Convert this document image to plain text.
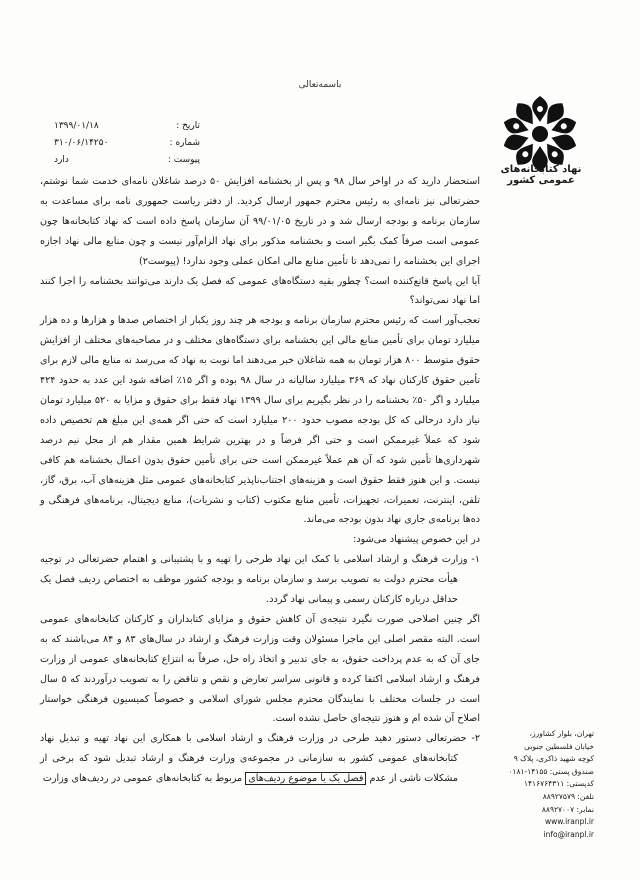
باسمه‌تعالی
تاریخ :
۱۳۹۹/۰۱/۱۸
شماره :
۳۱۰/۰۶/۱۴۲۵۰
پیوست :
دارد
نهاد کتابخانه‌های عمومی کشور

استحضار دارید که در اواخر سال ۹۸ و پس از بخشنامه افزایش ۵۰ درصد شاغلان نامه‌ای خدمت شما نوشتم، حضرتعالی نیز نامه‌ای به رئیس محترم جمهور ارسال کردید. از دفتر ریاست جمهوری نامه برای مساعدت به سازمان برنامه و بودجه ارسال شد و در تاریخ ۹۹/۰۱/۰۵ آن سازمان پاسخ داده است که نهاد کتابخانه‌ها چون عمومی است صرفاً کمک بگیر است و بخشنامه مذکور برای نهاد الزام‌آور نیست و چون منابع مالی نهاد اجازه اجرای این بخشنامه را نمی‌دهد تا تأمین منابع مالی امکان عملی وجود ندارد! (پیوست۲)

آیا این پاسخ قانع‌کننده است؟ چطور بقیه دستگاه‌های عمومی که فصل یک دارند می‌توانند بخشنامه را اجرا کنند اما نهاد نمی‌تواند؟

تعجب‌آور است که رئیس محترم سازمان برنامه و بودجه هر چند روز یکبار از اختصاص صدها و هزارها و ده هزار میلیارد تومان برای تأمین منابع مالی این بخشنامه برای دستگاه‌های مختلف و در مصاحبه‌های مختلف از افزایش حقوق متوسط ۸۰۰ هزار تومان به همه شاغلان خبر می‌دهند اما نوبت به نهاد که می‌رسد نه منابع مالی لازم برای تأمین حقوق کارکنان نهاد که ۳۶۹ میلیارد سالیانه در سال ۹۸ بوده و اگر ۱۵٪ اضافه شود این عدد به حدود ۴۲۴ میلیارد و اگر ۵۰٪ بخشنامه را در نظر بگیریم برای سال ۱۳۹۹ نهاد فقط برای حقوق و مزایا به ۵۲۰ میلیارد تومان نیاز دارد درحالی که کل بودجه مصوب حدود ۲۰۰ میلیارد است که حتی اگر همه‌ی این مبلغ هم تخصیص داده شود که عملاً غیرممکن است و حتی اگر فرضاً و در بهترین شرایط همین مقدار هم از محل نیم درصد شهرداری‌ها تأمین شود که آن هم عملاً غیرممکن است حتی برای تأمین حقوق بدون اعمال بخشنامه هم کافی نیست. و این هنوز فقط حقوق است و هزینه‌های اجتناب‌ناپذیر کتابخانه‌های عمومی مثل هزینه‌های آب، برق، گاز، تلفن، اینترنت، تعمیرات، تجهیزات، تأمین منابع مکتوب (کتاب و نشریات)، منابع دیجیتال، برنامه‌های فرهنگی و ده‌ها برنامه‌ی جاری نهاد بدون بودجه می‌ماند.

در این خصوص پیشنهاد می‌شود:

۱- وزارت فرهنگ و ارشاد اسلامی با کمک این نهاد طرحی را تهیه و با پشتیبانی و اهتمام حضرتعالی در توجیه هیأت محترم دولت به تصویب برسد و سازمان برنامه و بودجه کشور موظف به اختصاص ردیف فصل یک حداقل درباره کارکنان رسمی و پیمانی نهاد گردد.

اگر چنین اصلاحی صورت نگیرد نتیجه‌ی آن کاهش حقوق و مزایای کتابداران و کارکنان کتابخانه‌های عمومی است. البته مقصر اصلی این ماجرا مسئولان وقت وزارت فرهنگ و ارشاد در سال‌های ۸۳ و ۸۴ می‌باشند که به جای آن که به عدم پرداخت حقوق، به جای تدبیر و اتخاذ راه حل، صرفاً به انتزاع کتابخانه‌های عمومی از وزارت فرهنگ و ارشاد اسلامی اکتفا کرده و قانونی سراسر تعارض و نقص و تناقض را به تصویب درآوردند که ۵ سال است در جلسات مختلف با نمایندگان محترم مجلس شورای اسلامی و خصوصاً کمیسیون فرهنگی خواستار اصلاح آن شده ام و هنوز نتیجه‌ای حاصل نشده است.

۲- حضرتعالی دستور دهید طرحی در وزارت فرهنگ و ارشاد اسلامی با همکاری این نهاد تهیه و تبدیل نهاد کتابخانه‌های عمومی کشور به سازمانی در مجموعه‌ی وزارت فرهنگ و ارشاد تبدیل شود که برخی از مشکلات ناشی از عدم فصل یک یا موضوع ردیف‌های مربوط به کتابخانه‌های عمومی در ردیف‌های وزارت

تهران، بلوار کشاورز،
خیابان فلسطین جنوبی
کوچه شهید ذاکری، پلاک ۹
صندوق پستی: ۱۴۱۵۵-۰۱۸۱
کدپستی: ۱۴۱۶۷۶۴۳۱۱
تلفن: ۸۸۹۲۷۵۷۹
نمابر: ۸۸۹۲۷۰۰۷
www.iranpl.ir
info@iranpl.ir
